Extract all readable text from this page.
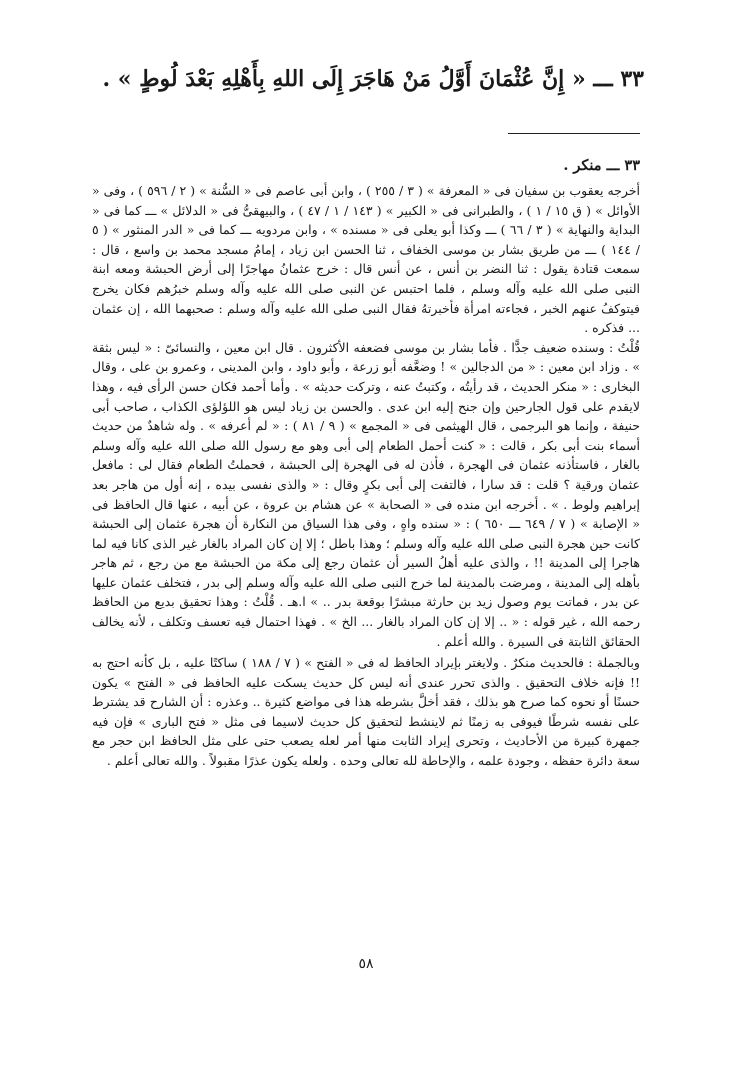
٣٣ ـــ « إِنَّ عُثْمَانَ أَوَّلُ مَنْ هَاجَرَ إِلَى اللهِ بِأَهْلِهِ بَعْدَ لُوطٍ » .
٣٣ ـــ منكر .

أخرجه يعقوب بن سفيان فى « المعرفة » ( ٣ / ٢٥٥ ) ، وابن أبى عاصم فى « السُّنة » ( ٢ / ٥٩٦ ) ، وفى « الأوائل » ( ق ١٥ / ١ ) ، والطبرانى فى « الكبير » ( ١٤٣ / ١ / ٤٧ ) ، والبيهقىُّ فى « الدلائل » ـــ كما فى « البداية والنهاية » ( ٣ / ٦٦ ) ـــ وكذا أبو يعلى فى « مسنده » ، وابن مردويه ـــ كما فى « الدر المنثور » ( ٥ / ١٤٤ ) ـــ من طريق بشار بن موسى الخفاف ، ثنا الحسن ابن زياد ، إمامُ مسجد محمد بن واسع ، قال : سمعت قتادة يقول : ثنا النضر بن أنس ، عن أنس قال : خرج عثمانُ مهاجرًا إلى أرض الحبشة ومعه ابنة النبى صلى الله عليه وآله وسلم ، فلما احتبس عن النبى صلى الله عليه وآله وسلم خبرُهم فكان يخرج فيتوكفُ عنهم الخبر ، فجاءته امرأة فأخبرتهُ فقال النبى صلى الله عليه وآله وسلم : صحبهما الله ، إن عثمان ... فذكره .

قُلْتُ : وسنده ضعيف جدًّا . فأما بشار بن موسى فضعفه الأكثرون . قال ابن معين ، والنسائىّ : « ليس بثقة » . وزاد ابن معين : « من الدجالين » ! وضعَّفه أبو زرعة ، وأبو داود ، وابن المدينى ، وعمرو بن على ، وقال البخارى : « منكر الحديث ، قد رأيتُه ، وكتبتُ عنه ، وتركت حديثه » . وأما أحمد فكان حسن الرأى فيه ، وهذا لايقدم على قول الجارحين وإن جنح إليه ابن عدى . والحسن بن زياد ليس هو اللؤلؤى الكذاب ، صاحب أبى حنيفة ، وإنما هو البرجمى ، قال الهيثمى فى « المجمع » ( ٩ / ٨١ ) : « لم أعرفه » . وله شاهدٌ من حديث أسماء بنت أبى بكر ، قالت : « كنت أحمل الطعام إلى أبى وهو مع رسول الله صلى الله عليه وآله وسلم بالغار ، فاستأذنه عثمان فى الهجرة ، فأذن له فى الهجرة إلى الحبشة ، فحملتُ الطعام فقال لى : مافعل عثمان ورقية ؟ قلت : قد سارا ، فالتفت إلى أبى بكرٍ وقال : « والذى نفسى بيده ، إنه أول من هاجر بعد إبراهيم ولوط . » . أخرجه ابن منده فى « الصحابة » عن هشام بن عروة ، عن أبيه ، عنها قال الحافظ فى « الإصابة » ( ٧ / ٦٤٩ ـــ ٦٥٠ ) : « سنده واهٍ ، وفى هذا السياق من النكارة أن هجرة عثمان إلى الحبشة كانت حين هجرة النبى صلى الله عليه وآله وسلم ؛ وهذا باطل ؛ إلا إن كان المراد بالغار غير الذى كانا فيه لما هاجرا إلى المدينة !! ، والذى عليه أهلُ السير أن عثمان رجع إلى مكة من الحبشة مع من رجع ، ثم هاجر بأهله إلى المدينة ، ومرضت بالمدينة لما خرج النبى صلى الله عليه وآله وسلم إلى بدر ، فتخلف عثمان عليها عن بدر ، فماتت يوم وصول زيد بن حارثة مبشرًا بوقعة بدر .. » ا.هـ . قُلْتُ : وهذا تحقيق بديع من الحافظ رحمه الله ، غير قوله : « .. إلا إن كان المراد بالغار ... الخ » . فهذا احتمال فيه تعسف وتكلف ، لأنه يخالف الحقائق الثابتة فى السيرة . والله أعلم .

وبالجملة : فالحديث منكرٌ . ولايغتر بإيراد الحافظ له فى « الفتح » ( ٧ / ١٨٨ ) ساكتًا عليه ، بل كأنه احتج به !! فإنه خلاف التحقيق . والذى تحرر عندى أنه ليس كل حديث يسكت عليه الحافظ فى « الفتح » يكون حسنًا أو نحوه كما صرح هو بذلك ، فقد أخلَّ بشرطه هذا فى مواضع كثيرة .. وعذره : أن الشارح قد يشترط على نفسه شرطًا فيوفى به زمنًا ثم لاينشط لتحقيق كل حديث لاسيما فى مثل « فتح البارى » فإن فيه جمهرة كبيرة من الأحاديث ، وتحرى إيراد الثابت منها أمر لعله يصعب حتى على مثل الحافظ ابن حجر مع سعة دائرة حفظه ، وجودة علمه ، والإحاطة لله تعالى وحده . ولعله يكون عذرًا مقبولاً . والله تعالى أعلم .

٥٨
